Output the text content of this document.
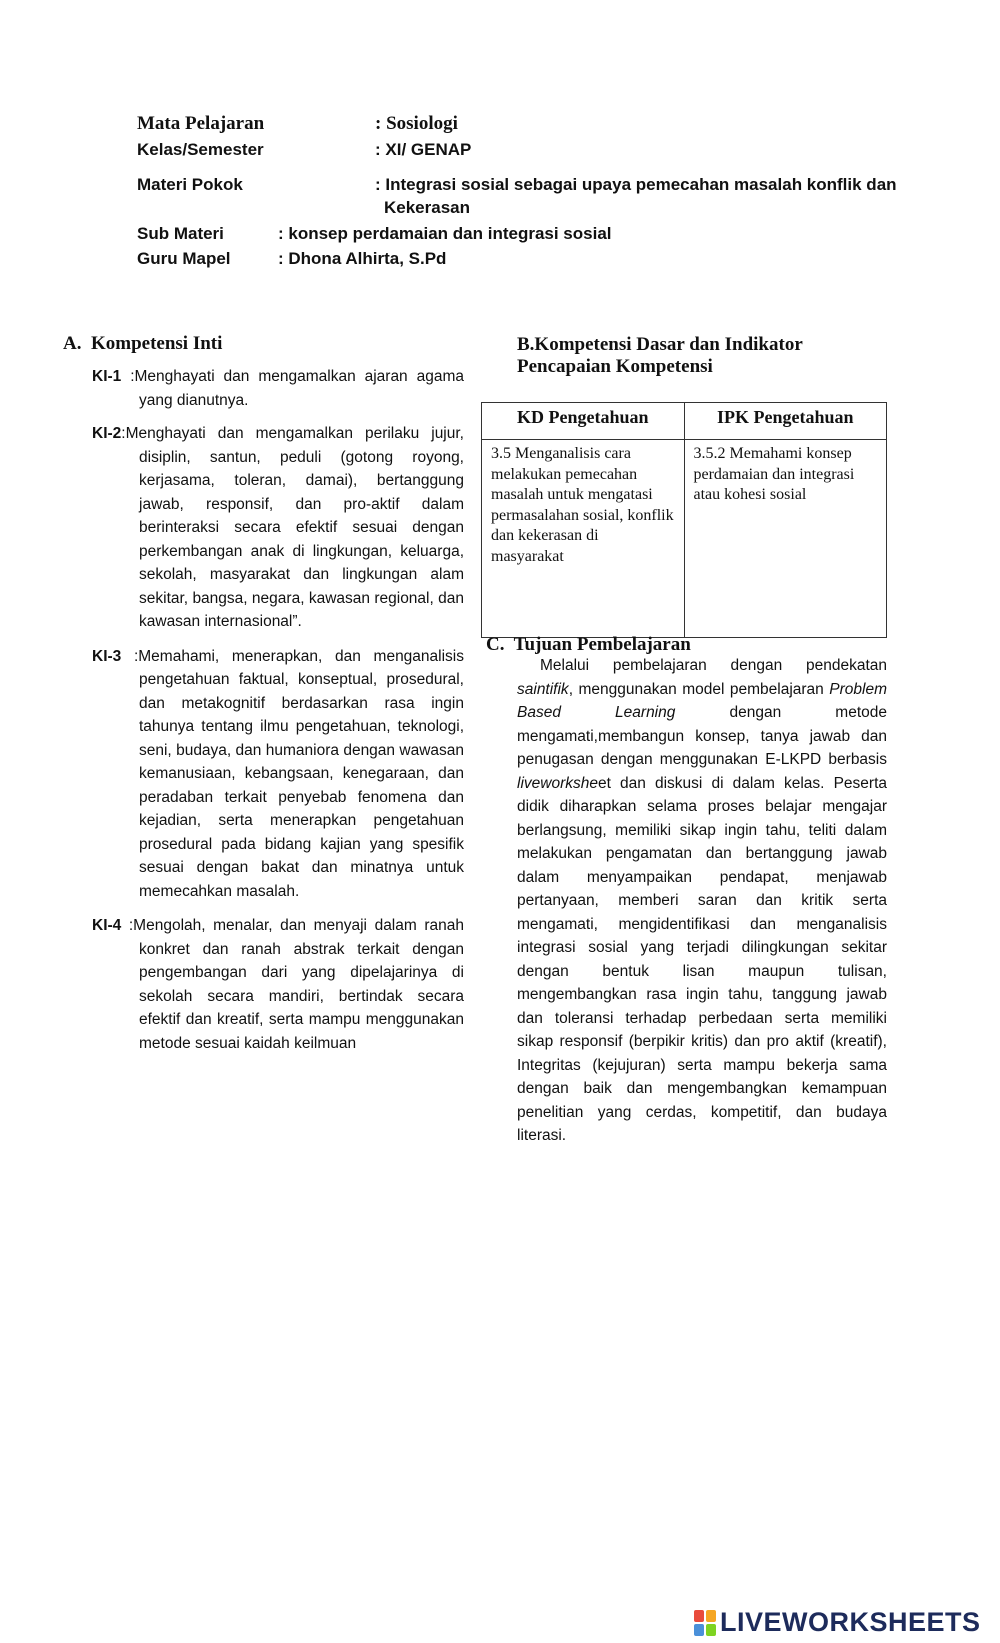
Mata Pelajaran	: Sosiologi
Kelas/Semester	: XI/ GENAP
Materi Pokok	: Integrasi sosial sebagai upaya pemecahan masalah konflik dan
Kekerasan
Sub Materi	: konsep perdamaian dan integrasi sosial
Guru Mapel	: Dhona Alhirta, S.Pd
A.  Kompetensi Inti
KI-1 :Menghayati dan mengamalkan ajaran agama yang dianutnya.
KI-2:Menghayati dan mengamalkan perilaku jujur, disiplin, santun, peduli (gotong royong, kerjasama, toleran, damai), bertanggung jawab, responsif, dan pro-aktif dalam berinteraksi secara efektif sesuai dengan perkembangan anak di lingkungan, keluarga, sekolah, masyarakat dan lingkungan alam sekitar, bangsa, negara, kawasan regional, dan kawasan internasional”.
KI-3 :Memahami, menerapkan, dan menganalisis pengetahuan faktual, konseptual, prosedural, dan metakognitif berdasarkan rasa ingin tahunya tentang ilmu pengetahuan, teknologi, seni, budaya, dan humaniora dengan wawasan kemanusiaan, kebangsaan, kenegaraan, dan peradaban terkait penyebab fenomena dan kejadian, serta menerapkan pengetahuan prosedural pada bidang kajian yang spesifik sesuai dengan bakat dan minatnya untuk memecahkan masalah.
KI-4 :Mengolah, menalar, dan menyaji dalam ranah konkret dan ranah abstrak terkait dengan pengembangan dari yang dipelajarinya di sekolah secara mandiri, bertindak secara efektif dan kreatif, serta mampu menggunakan metode sesuai kaidah keilmuan
B.Kompetensi Dasar dan Indikator
Pencapaian Kompetensi
KD Pengetahuan	IPK Pengetahuan
3.5 Menganalisis cara melakukan pemecahan masalah untuk mengatasi permasalahan sosial, konflik dan kekerasan di masyarakat	3.5.2 Memahami konsep perdamaian dan integrasi atau kohesi sosial
C.  Tujuan Pembelajaran
Melalui pembelajaran dengan pendekatan saintifik, menggunakan model pembelajaran Problem Based Learning dengan metode mengamati,membangun konsep, tanya jawab dan penugasan dengan menggunakan E-LKPD berbasis liveworksheet dan diskusi di dalam kelas. Peserta didik diharapkan selama proses belajar mengajar berlangsung, memiliki sikap ingin tahu, teliti dalam melakukan pengamatan dan bertanggung jawab dalam menyampaikan pendapat, menjawab pertanyaan, memberi saran dan kritik serta mengamati, mengidentifikasi dan menganalisis integrasi sosial yang terjadi dilingkungan sekitar dengan bentuk lisan maupun tulisan, mengembangkan rasa ingin tahu, tanggung jawab dan toleransi terhadap perbedaan serta memiliki sikap responsif (berpikir kritis) dan pro aktif (kreatif), Integritas (kejujuran) serta mampu bekerja sama dengan baik dan mengembangkan kemampuan penelitian yang cerdas, kompetitif, dan budaya literasi.
LIVEWORKSHEETS
